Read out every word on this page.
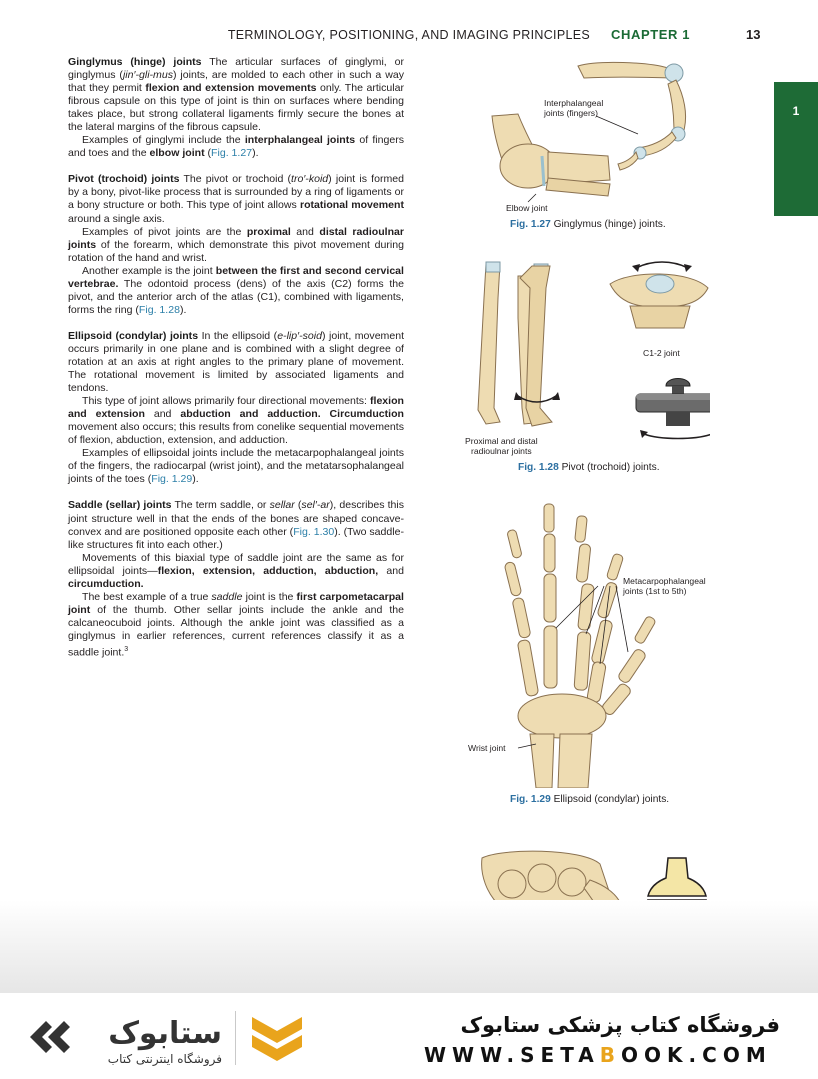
TERMINOLOGY, POSITIONING, AND IMAGING PRINCIPLES CHAPTER 1	13
1

Ginglymus (hinge) joints The articular surfaces of ginglymi, or ginglymus (jin′-gli-mus) joints, are molded to each other in such a way that they permit flexion and extension movements only. The articular fibrous capsule on this type of joint is thin on surfaces where bending takes place, but strong collateral ligaments firmly secure the bones at the lateral margins of the fibrous capsule.

Examples of ginglymi include the interphalangeal joints of fingers and toes and the elbow joint (Fig. 1.27).

Pivot (trochoid) joints The pivot or trochoid (tro′-koid) joint is formed by a bony, pivot-like process that is surrounded by a ring of ligaments or a bony structure or both. This type of joint allows rotational movement around a single axis.

Examples of pivot joints are the proximal and distal radioulnar joints of the forearm, which demonstrate this pivot movement during rotation of the hand and wrist.

Another example is the joint between the first and second cervical vertebrae. The odontoid process (dens) of the axis (C2) forms the pivot, and the anterior arch of the atlas (C1), combined with ligaments, forms the ring (Fig. 1.28).

Ellipsoid (condylar) joints In the ellipsoid (e-lip′-soid) joint, movement occurs primarily in one plane and is combined with a slight degree of rotation at an axis at right angles to the primary plane of movement. The rotational movement is limited by associated ligaments and tendons.

This type of joint allows primarily four directional movements: flexion and extension and abduction and adduction. Circumduction movement also occurs; this results from conelike sequential movements of flexion, abduction, extension, and adduction.

Examples of ellipsoidal joints include the metacarpophalangeal joints of the fingers, the radiocarpal (wrist joint), and the metatarsophalangeal joints of the toes (Fig. 1.29).

Saddle (sellar) joints The term saddle, or sellar (sel′-ar), describes this joint structure well in that the ends of the bones are shaped concave-convex and are positioned opposite each other (Fig. 1.30). (Two saddle-like structures fit into each other.)

Movements of this biaxial type of saddle joint are the same as for ellipsoidal joints—flexion, extension, adduction, abduction, and circumduction.

The best example of a true saddle joint is the first carpometacarpal joint of the thumb. Other sellar joints include the ankle and the calcaneocuboid joints. Although the ankle joint was classified as a ginglymus in earlier references, current references classify it as a saddle joint.$^3$

Interphalangeal
joints (fingers)
Elbow joint
Fig. 1.27 Ginglymus (hinge) joints.
C1-2 joint
Proximal and distal
radioulnar joints
Fig. 1.28 Pivot (trochoid) joints.
Metacarpophalangeal
joints (1st to 5th)
Wrist joint
Fig. 1.29 Ellipsoid (condylar) joints.
ستابوک
فروشگاه اینترنتی کتاب
فروشگاه کتاب پزشکی ستابوک
WWW.SETABOOK.COM
